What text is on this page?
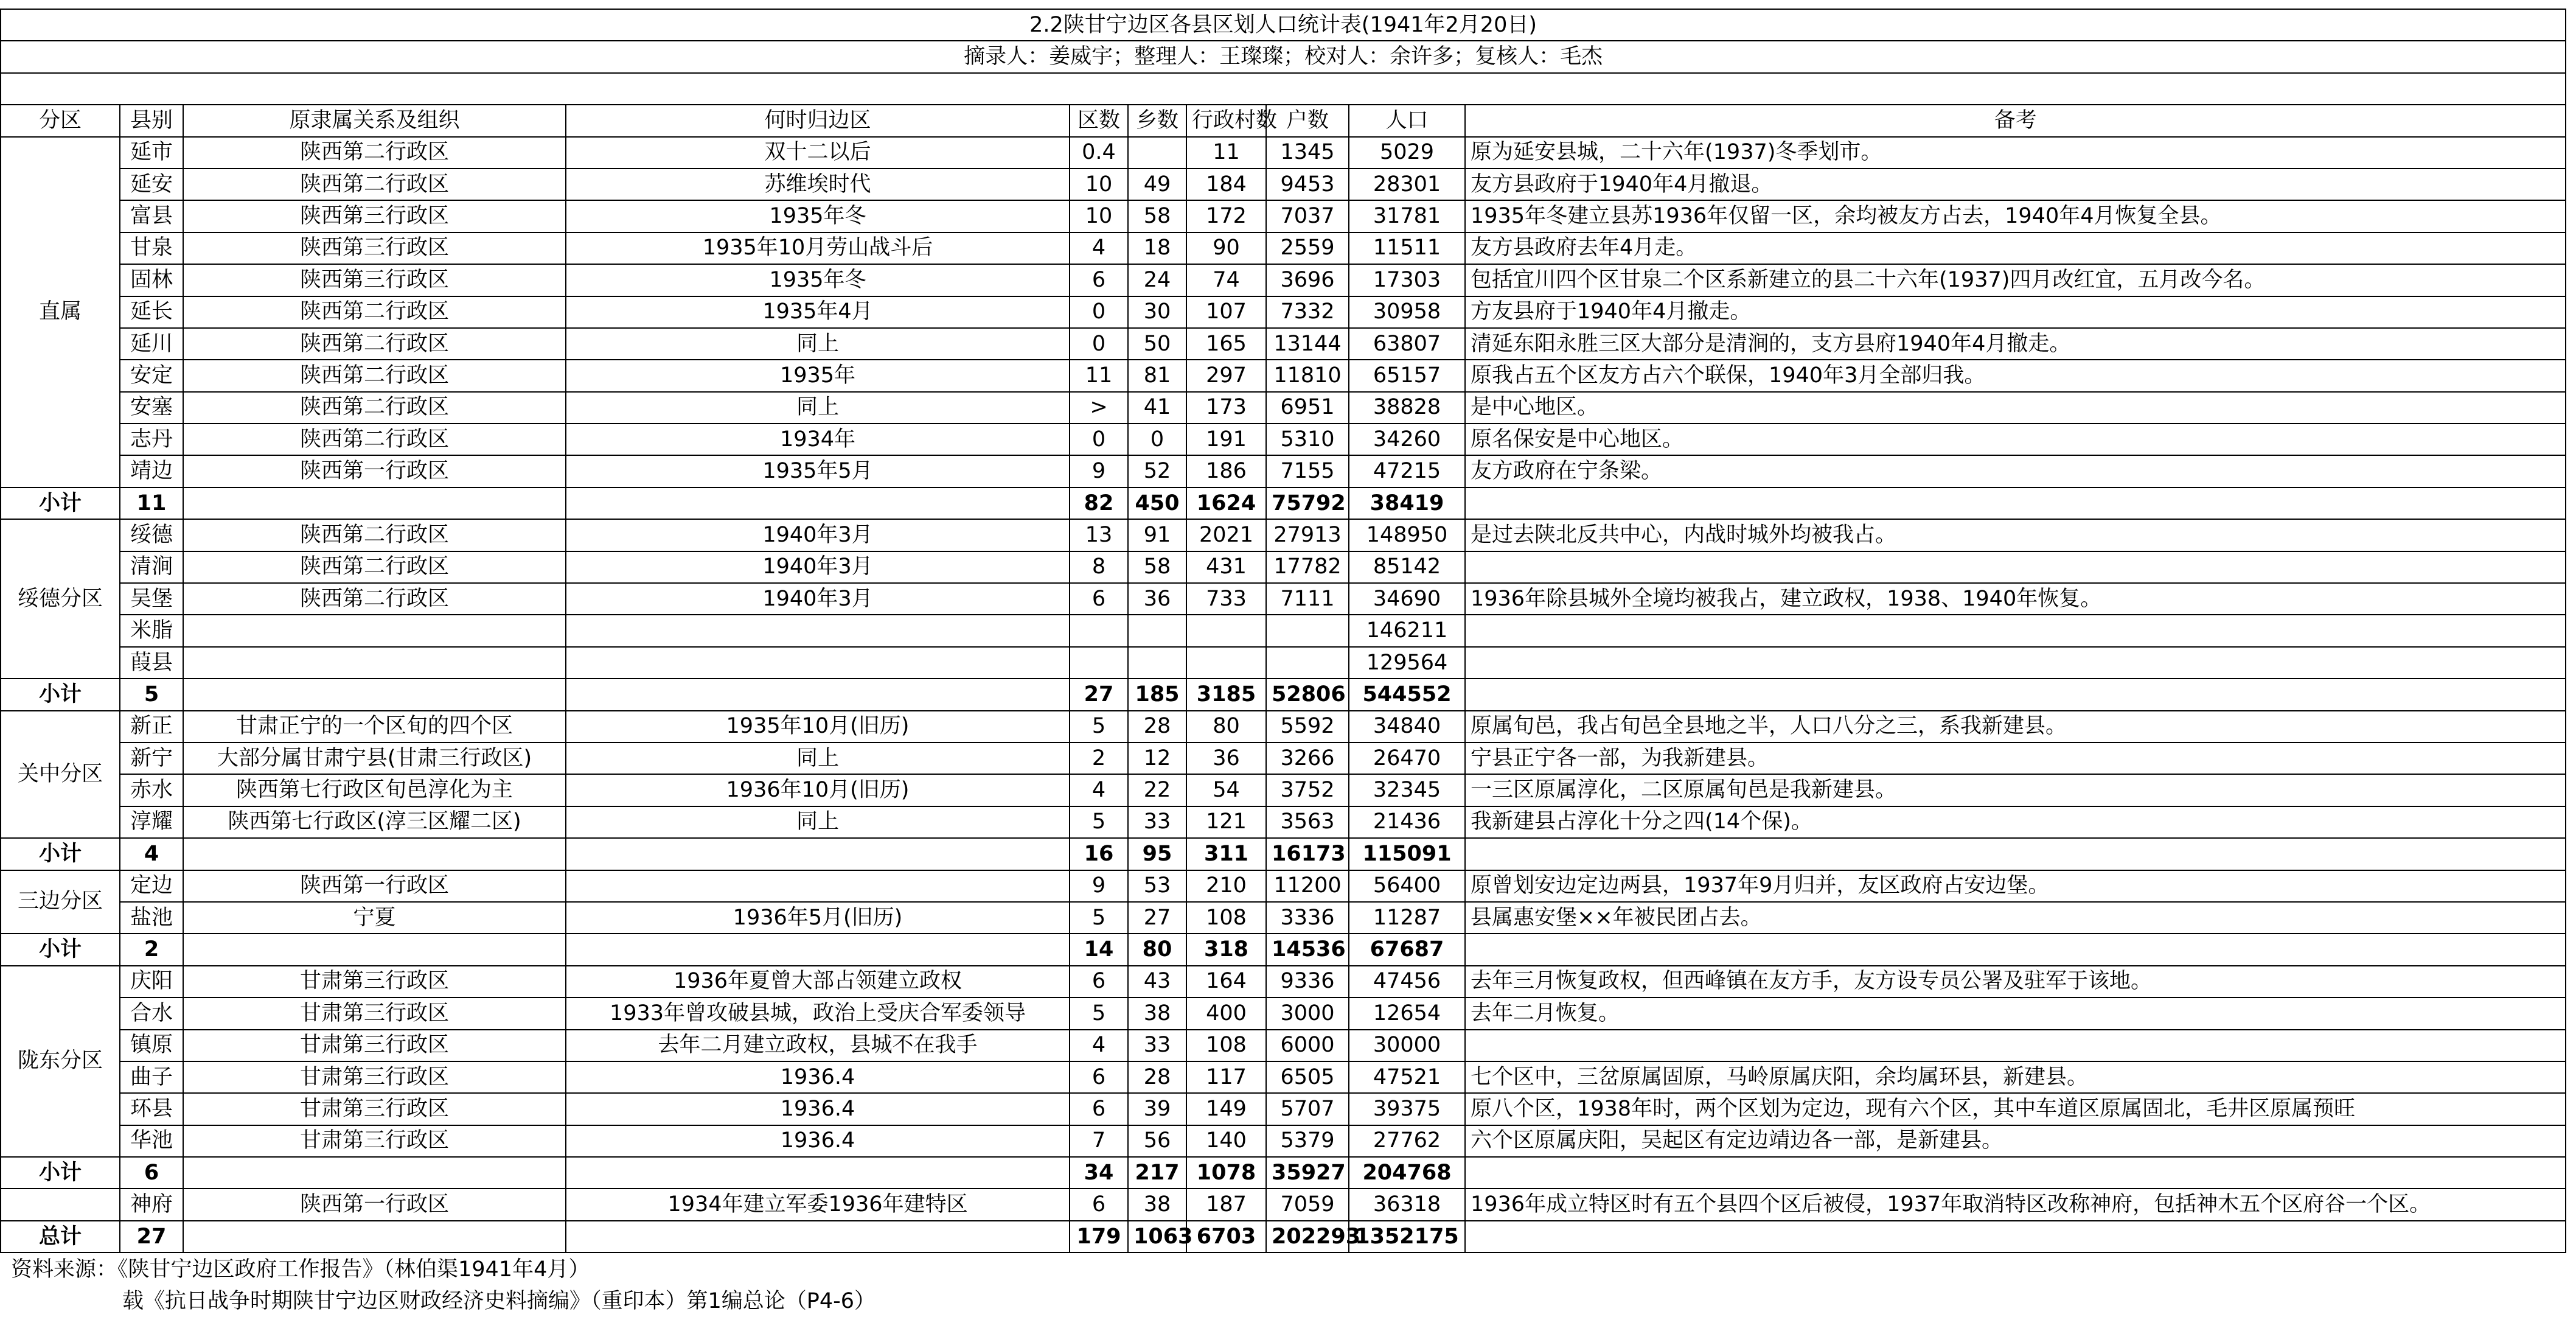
2.2陕甘宁边区各县区划人口统计表(1941年2月20日)									
摘录人：姜威宇；整理人：王璨璨；校对人：余许多；复核人：毛杰									

分区	县别	原隶属关系及组织	何时归边区	区数	乡数	行政村数	户数	人口	备考
直属	延市	陕西第二行政区	双十二以后	0.4		11	1345	5029	原为延安县城，二十六年(1937)冬季划市。
	延安	陕西第二行政区	苏维埃时代	10	49	184	9453	28301	友方县政府于1940年4月撤退。
	富县	陕西第三行政区	1935年冬	10	58	172	7037	31781	1935年冬建立县苏1936年仅留一区，余均被友方占去，1940年4月恢复全县。
	甘泉	陕西第三行政区	1935年10月劳山战斗后	4	18	90	2559	11511	友方县政府去年4月走。
	固林	陕西第三行政区	1935年冬	6	24	74	3696	17303	包括宜川四个区甘泉二个区系新建立的县二十六年(1937)四月改红宜，五月改今名。
	延长	陕西第二行政区	1935年4月	0	30	107	7332	30958	方友县府于1940年4月撤走。
	延川	陕西第二行政区	同上	0	50	165	13144	63807	清延东阳永胜三区大部分是清涧的，支方县府1940年4月撤走。
	安定	陕西第二行政区	1935年	11	81	297	11810	65157	原我占五个区友方占六个联保，1940年3月全部归我。
	安塞	陕西第二行政区	同上	>	41	173	6951	38828	是中心地区。
	志丹	陕西第二行政区	1934年	0	0	191	5310	34260	原名保安是中心地区。
	靖边	陕西第一行政区	1935年5月	9	52	186	7155	47215	友方政府在宁条梁。
小计	11			82	450	1624	75792	38419	
绥德分区	绥德	陕西第二行政区	1940年3月	13	91	2021	27913	148950	是过去陕北反共中心，内战时城外均被我占。
	清涧	陕西第二行政区	1940年3月	8	58	431	17782	85142	
	吴堡	陕西第二行政区	1940年3月	6	36	733	7111	34690	1936年除县城外全境均被我占，建立政权，1938、1940年恢复。
	米脂							146211	
	葭县							129564	
小计	5			27	185	3185	52806	544552	
关中分区	新正	甘肃正宁的一个区旬的四个区	1935年10月(旧历)	5	28	80	5592	34840	原属旬邑，我占旬邑全县地之半，人口八分之三，系我新建县。
	新宁	大部分属甘肃宁县(甘肃三行政区)	同上	2	12	36	3266	26470	宁县正宁各一部，为我新建县。
	赤水	陕西第七行政区旬邑淳化为主	1936年10月(旧历)	4	22	54	3752	32345	一三区原属淳化，二区原属旬邑是我新建县。
	淳耀	陕西第七行政区(淳三区耀二区)	同上	5	33	121	3563	21436	我新建县占淳化十分之四(14个保)。
小计	4			16	95	311	16173	115091	
三边分区	定边	陕西第一行政区		9	53	210	11200	56400	原曾划安边定边两县，1937年9月归并，友区政府占安边堡。
	盐池	宁夏	1936年5月(旧历)	5	27	108	3336	11287	县属惠安堡××年被民团占去。
小计	2			14	80	318	14536	67687	
陇东分区	庆阳	甘肃第三行政区	1936年夏曾大部占领建立政权	6	43	164	9336	47456	去年三月恢复政权，但西峰镇在友方手，友方设专员公署及驻军于该地。
	合水	甘肃第三行政区	1933年曾攻破县城，政治上受庆合军委领导	5	38	400	3000	12654	去年二月恢复。
	镇原	甘肃第三行政区	去年二月建立政权，县城不在我手	4	33	108	6000	30000	
	曲子	甘肃第三行政区	1936.4	6	28	117	6505	47521	七个区中，三岔原属固原，马岭原属庆阳，余均属环县，新建县。
	环县	甘肃第三行政区	1936.4	6	39	149	5707	39375	原八个区，1938年时，两个区划为定边，现有六个区，其中车道区原属固北，毛井区原属预旺
	华池	甘肃第三行政区	1936.4	7	56	140	5379	27762	六个区原属庆阳，吴起区有定边靖边各一部，是新建县。
小计	6			34	217	1078	35927	204768	
	神府	陕西第一行政区	1934年建立军委1936年建特区	6	38	187	7059	36318	1936年成立特区时有五个县四个区后被侵，1937年取消特区改称神府，包括神木五个区府谷一个区。
总计	27			179	1063	6703	202293	1352175	
资料来源：《陕甘宁边区政府工作报告》（林伯渠1941年4月）
载《抗日战争时期陕甘宁边区财政经济史料摘编》（重印本）第1编总论（P4-6）
